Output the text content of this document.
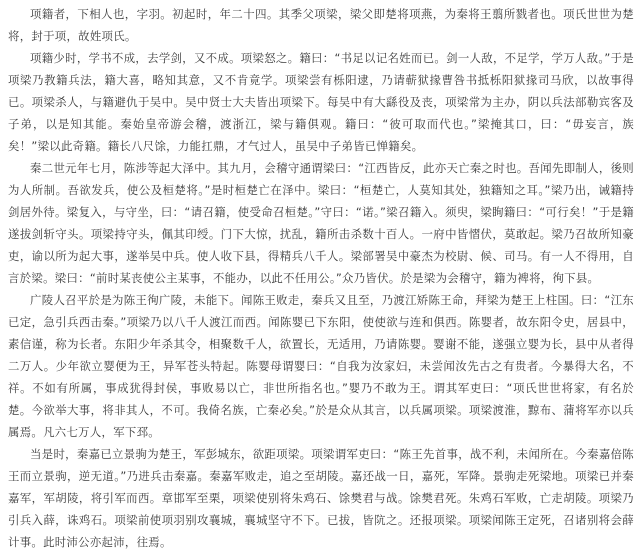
项籍者，下相人也，字羽。初起时，年二十四。其季父项梁，梁父即楚将项燕，为秦将王翦所戮者也。项氏世世为楚将，封于项，故姓项氏。

项籍少时，学书不成，去学剑，又不成。项梁怒之。籍曰：“书足以记名姓而已。剑一人敌，不足学，学万人敌。”于是项梁乃教籍兵法，籍大喜，略知其意，又不肯竟学。项梁尝有栎阳逮，乃请蕲狱掾曹咎书抵栎阳狱掾司马欣，以故事得已。项梁杀人，与籍避仇于吴中。吴中贤士大夫皆出项梁下。每吴中有大繇役及丧，项梁常为主办，阴以兵法部勒宾客及子弟，以是知其能。秦始皇帝游会稽，渡浙江，梁与籍俱观。籍曰：“彼可取而代也。”梁掩其口，曰：“毋妄言，族矣！”梁以此奇籍。籍长八尺馀，力能扛鼎，才气过人，虽吴中子弟皆已惮籍矣。

秦二世元年七月，陈涉等起大泽中。其九月，会稽守通谓梁曰：“江西皆反，此亦天亡秦之时也。吾闻先即制人，後则为人所制。吾欲发兵，使公及桓楚将。”是时桓楚亡在泽中。梁曰：“桓楚亡，人莫知其处，独籍知之耳。”梁乃出，诫籍持剑居外待。梁复入，与守坐，曰：“请召籍，使受命召桓楚。”守曰：“诺。”梁召籍入。须臾，梁眴籍曰：“可行矣！”于是籍遂拔剑斩守头。项梁持守头，佩其印绶。门下大惊，扰乱，籍所击杀数十百人。一府中皆慴伏，莫敢起。梁乃召故所知豪吏，谕以所为起大事，遂举吴中兵。使人收下县，得精兵八千人。梁部署吴中豪杰为校尉、候、司马。有一人不得用，自言於梁。梁曰：“前时某丧使公主某事，不能办，以此不任用公。”众乃皆伏。於是梁为会稽守，籍为裨将，徇下县。

广陵人召平於是为陈王徇广陵，未能下。闻陈王败走，秦兵又且至，乃渡江矫陈王命，拜梁为楚王上柱国。曰：“江东已定，急引兵西击秦。”项梁乃以八千人渡江而西。闻陈婴已下东阳，使使欲与连和俱西。陈婴者，故东阳令史，居县中，素信谨，称为长者。东阳少年杀其令，相聚数千人，欲置长，无适用，乃请陈婴。婴谢不能，遂强立婴为长，县中从者得二万人。少年欲立婴便为王，异军苍头特起。陈婴母谓婴曰：“自我为汝家妇，未尝闻汝先古之有贵者。今暴得大名，不祥。不如有所属，事成犹得封侯，事败易以亡，非世所指名也。”婴乃不敢为王。谓其军吏曰：“项氏世世将家，有名於楚。今欲举大事，将非其人，不可。我倚名族，亡秦必矣。”於是众从其言，以兵属项梁。项梁渡淮，黥布、蒲将军亦以兵属焉。凡六七万人，军下邳。

当是时，秦嘉已立景驹为楚王，军彭城东，欲距项梁。项梁谓军吏曰：“陈王先首事，战不利，未闻所在。今秦嘉倍陈王而立景驹，逆无道。”乃进兵击秦嘉。秦嘉军败走，追之至胡陵。嘉还战一日，嘉死，军降。景驹走死梁地。项梁已并秦嘉军，军胡陵，将引军而西。章邯军至栗，项梁使别将朱鸡石、馀樊君与战。馀樊君死。朱鸡石军败，亡走胡陵。项梁乃引兵入薛，诛鸡石。项梁前使项羽别攻襄城，襄城坚守不下。已拔，皆阬之。还报项梁。项梁闻陈王定死，召诸别将会薛计事。此时沛公亦起沛，往焉。
